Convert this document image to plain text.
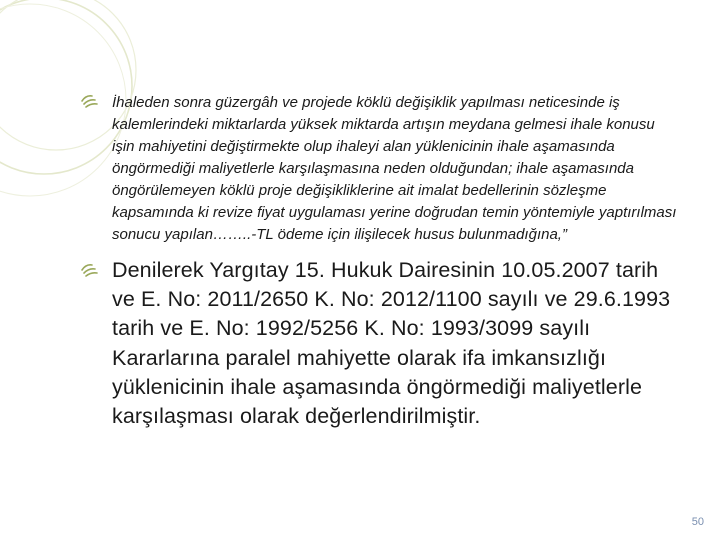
İhaleden sonra güzergâh ve projede köklü değişiklik yapılması neticesinde iş kalemlerindeki miktarlarda yüksek miktarda artışın meydana gelmesi ihale konusu işin mahiyetini değiştirmekte olup ihaleyi alan yüklenicinin ihale aşamasında öngörmediği maliyetlerle karşılaşmasına neden olduğundan; ihale aşamasında öngörülemeyen köklü proje değişikliklerine ait imalat bedellerinin sözleşme kapsamında ki revize fiyat uygulaması yerine doğrudan temin yöntemiyle yaptırılması sonucu yapılan……..-TL ödeme için ilişilecek husus bulunmadığına,”

Denilerek Yargıtay 15. Hukuk Dairesinin 10.05.2007 tarih ve E. No: 2011/2650 K. No: 2012/1100 sayılı ve 29.6.1993 tarih ve E. No: 1992/5256 K. No: 1993/3099 sayılı Kararlarına paralel mahiyette olarak ifa imkansızlığı yüklenicinin ihale aşamasında öngörmediği maliyetlerle karşılaşması olarak değerlendirilmiştir.

50
